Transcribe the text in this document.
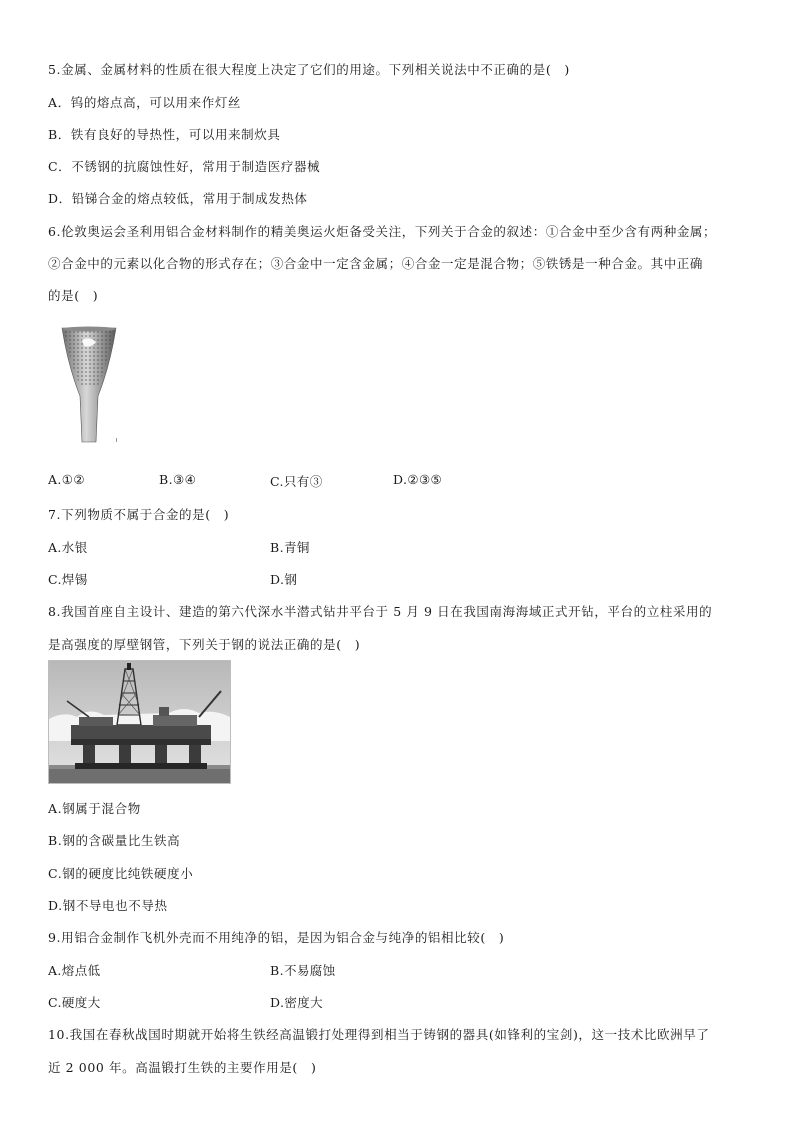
5.金属、金属材料的性质在很大程度上决定了它们的用途。下列相关说法中不正确的是(　)
A．钨的熔点高，可以用来作灯丝
B．铁有良好的导热性，可以用来制炊具
C．不锈钢的抗腐蚀性好，常用于制造医疗器械
D．铅锑合金的熔点较低，常用于制成发热体
6.伦敦奥运会圣利用铝合金材料制作的精美奥运火炬备受关注，下列关于合金的叙述：①合金中至少含有两种金属；
②合金中的元素以化合物的形式存在；③合金中一定含金属；④合金一定是混合物；⑤铁锈是一种合金。其中正确
的是(　)
A.①②	B.③④	C.只有③	D.②③⑤
7.下列物质不属于合金的是(　)
A.水银	B.青铜
C.焊锡	D.钢
8.我国首座自主设计、建造的第六代深水半潜式钻井平台于 5 月 9 日在我国南海海域正式开钻，平台的立柱采用的
是高强度的厚壁钢管，下列关于钢的说法正确的是(　)
A.钢属于混合物
B.钢的含碳量比生铁高
C.钢的硬度比纯铁硬度小
D.钢不导电也不导热
9.用铝合金制作飞机外壳而不用纯净的铝，是因为铝合金与纯净的铝相比较(　)
A.熔点低	B.不易腐蚀
C.硬度大	D.密度大
10.我国在春秋战国时期就开始将生铁经高温锻打处理得到相当于铸钢的器具(如锋利的宝剑)，这一技术比欧洲早了
近 2 000 年。高温锻打生铁的主要作用是(　)
